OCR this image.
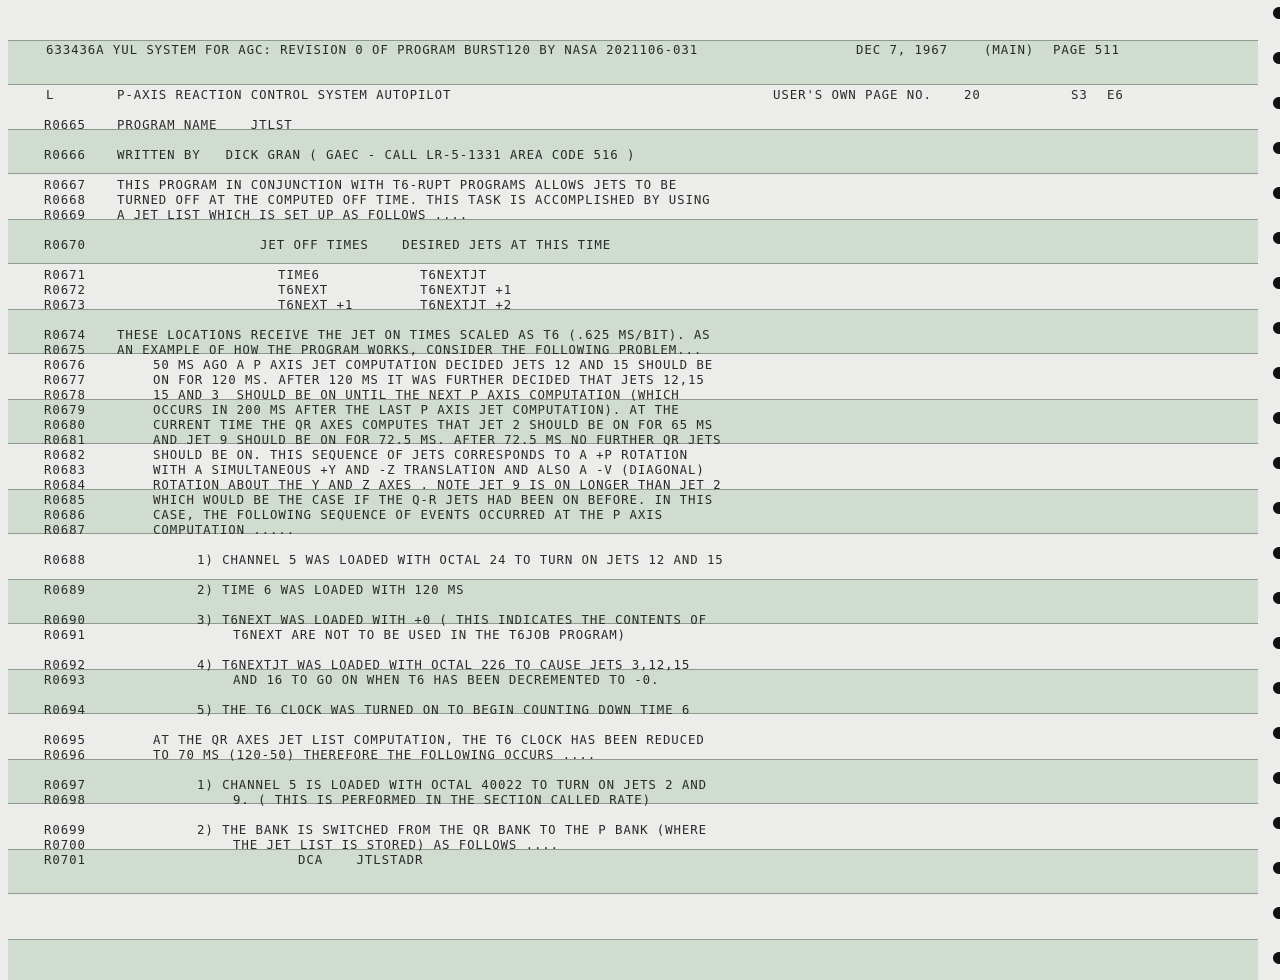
633436A YUL SYSTEM FOR AGC: REVISION 0 OF PROGRAM BURST120 BY NASA 2021106-031	DEC 7, 1967	(MAIN) PAGE 511
L	P-AXIS REACTION CONTROL SYSTEM AUTOPILOT	USER'S OWN PAGE NO.	20	S3 E6
R0665	PROGRAM NAME    JTLST
R0666	WRITTEN BY   DICK GRAN ( GAEC - CALL LR-5-1331 AREA CODE 516 )
R0667	THIS PROGRAM IN CONJUNCTION WITH T6-RUPT PROGRAMS ALLOWS JETS TO BE
R0668	TURNED OFF AT THE COMPUTED OFF TIME. THIS TASK IS ACCOMPLISHED BY USING
R0669	A JET LIST WHICH IS SET UP AS FOLLOWS ....
R0670	JET OFF TIMES    DESIRED JETS AT THIS TIME
R0671	TIME6            T6NEXTJT
R0672	T6NEXT           T6NEXTJT +1
R0673	T6NEXT +1        T6NEXTJT +2
R0674	THESE LOCATIONS RECEIVE THE JET ON TIMES SCALED AS T6 (.625 MS/BIT). AS
R0675	AN EXAMPLE OF HOW THE PROGRAM WORKS, CONSIDER THE FOLLOWING PROBLEM...
R0676	50 MS AGO A P AXIS JET COMPUTATION DECIDED JETS 12 AND 15 SHOULD BE
R0677	ON FOR 120 MS. AFTER 120 MS IT WAS FURTHER DECIDED THAT JETS 12,15
R0678	15 AND 3  SHOULD BE ON UNTIL THE NEXT P AXIS COMPUTATION (WHICH
R0679	OCCURS IN 200 MS AFTER THE LAST P AXIS JET COMPUTATION). AT THE
R0680	CURRENT TIME THE QR AXES COMPUTES THAT JET 2 SHOULD BE ON FOR 65 MS
R0681	AND JET 9 SHOULD BE ON FOR 72.5 MS. AFTER 72.5 MS NO FURTHER QR JETS
R0682	SHOULD BE ON. THIS SEQUENCE OF JETS CORRESPONDS TO A +P ROTATION
R0683	WITH A SIMULTANEOUS +Y AND -Z TRANSLATION AND ALSO A -V (DIAGONAL)
R0684	ROTATION ABOUT THE Y AND Z AXES . NOTE JET 9 IS ON LONGER THAN JET 2
R0685	WHICH WOULD BE THE CASE IF THE Q-R JETS HAD BEEN ON BEFORE. IN THIS
R0686	CASE, THE FOLLOWING SEQUENCE OF EVENTS OCCURRED AT THE P AXIS
R0687	COMPUTATION .....
R0688	1) CHANNEL 5 WAS LOADED WITH OCTAL 24 TO TURN ON JETS 12 AND 15
R0689	2) TIME 6 WAS LOADED WITH 120 MS
R0690	3) T6NEXT WAS LOADED WITH +0 ( THIS INDICATES THE CONTENTS OF
R0691	T6NEXT ARE NOT TO BE USED IN THE T6JOB PROGRAM)
R0692	4) T6NEXTJT WAS LOADED WITH OCTAL 226 TO CAUSE JETS 3,12,15
R0693	AND 16 TO GO ON WHEN T6 HAS BEEN DECREMENTED TO -0.
R0694	5) THE T6 CLOCK WAS TURNED ON TO BEGIN COUNTING DOWN TIME 6
R0695	AT THE QR AXES JET LIST COMPUTATION, THE T6 CLOCK HAS BEEN REDUCED
R0696	TO 70 MS (120-50) THEREFORE THE FOLLOWING OCCURS ....
R0697	1) CHANNEL 5 IS LOADED WITH OCTAL 40022 TO TURN ON JETS 2 AND
R0698	9. ( THIS IS PERFORMED IN THE SECTION CALLED RATE)
R0699	2) THE BANK IS SWITCHED FROM THE QR BANK TO THE P BANK (WHERE
R0700	THE JET LIST IS STORED) AS FOLLOWS ....
R0701	DCA    JTLSTADR
